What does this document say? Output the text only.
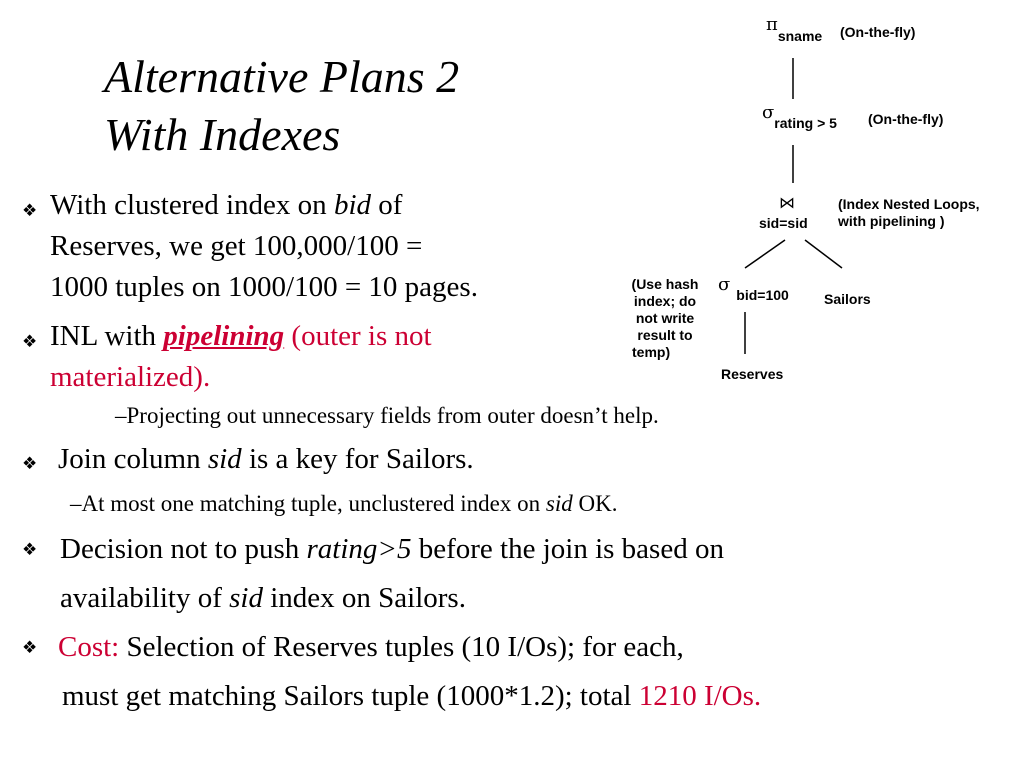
Alternative Plans 2
With Indexes
❖ With clustered index on bid of
Reserves, we get 100,000/100 =
1000 tuples on 1000/100 = 10 pages.
❖ INL with pipelining (outer is not
materialized).
–Projecting out unnecessary fields from outer doesn’t help.
❖ Join column sid is a key for Sailors.
–At most one matching tuple, unclustered index on sid OK.
❖ Decision not to push rating>5 before the join is based on
availability of sid index on Sailors.
❖ Cost: Selection of Reserves tuples (10 I/Os); for each,
must get matching Sailors tuple (1000*1.2); total 1210 I/Os.
πsname (On-the-fly)
σrating > 5 (On-the-fly)
⋈
sid=sid
(Index Nested Loops,
with pipelining )
(Use hash
index; do
not write
result to
temp)
σ bid=100	Sailors
Reserves
